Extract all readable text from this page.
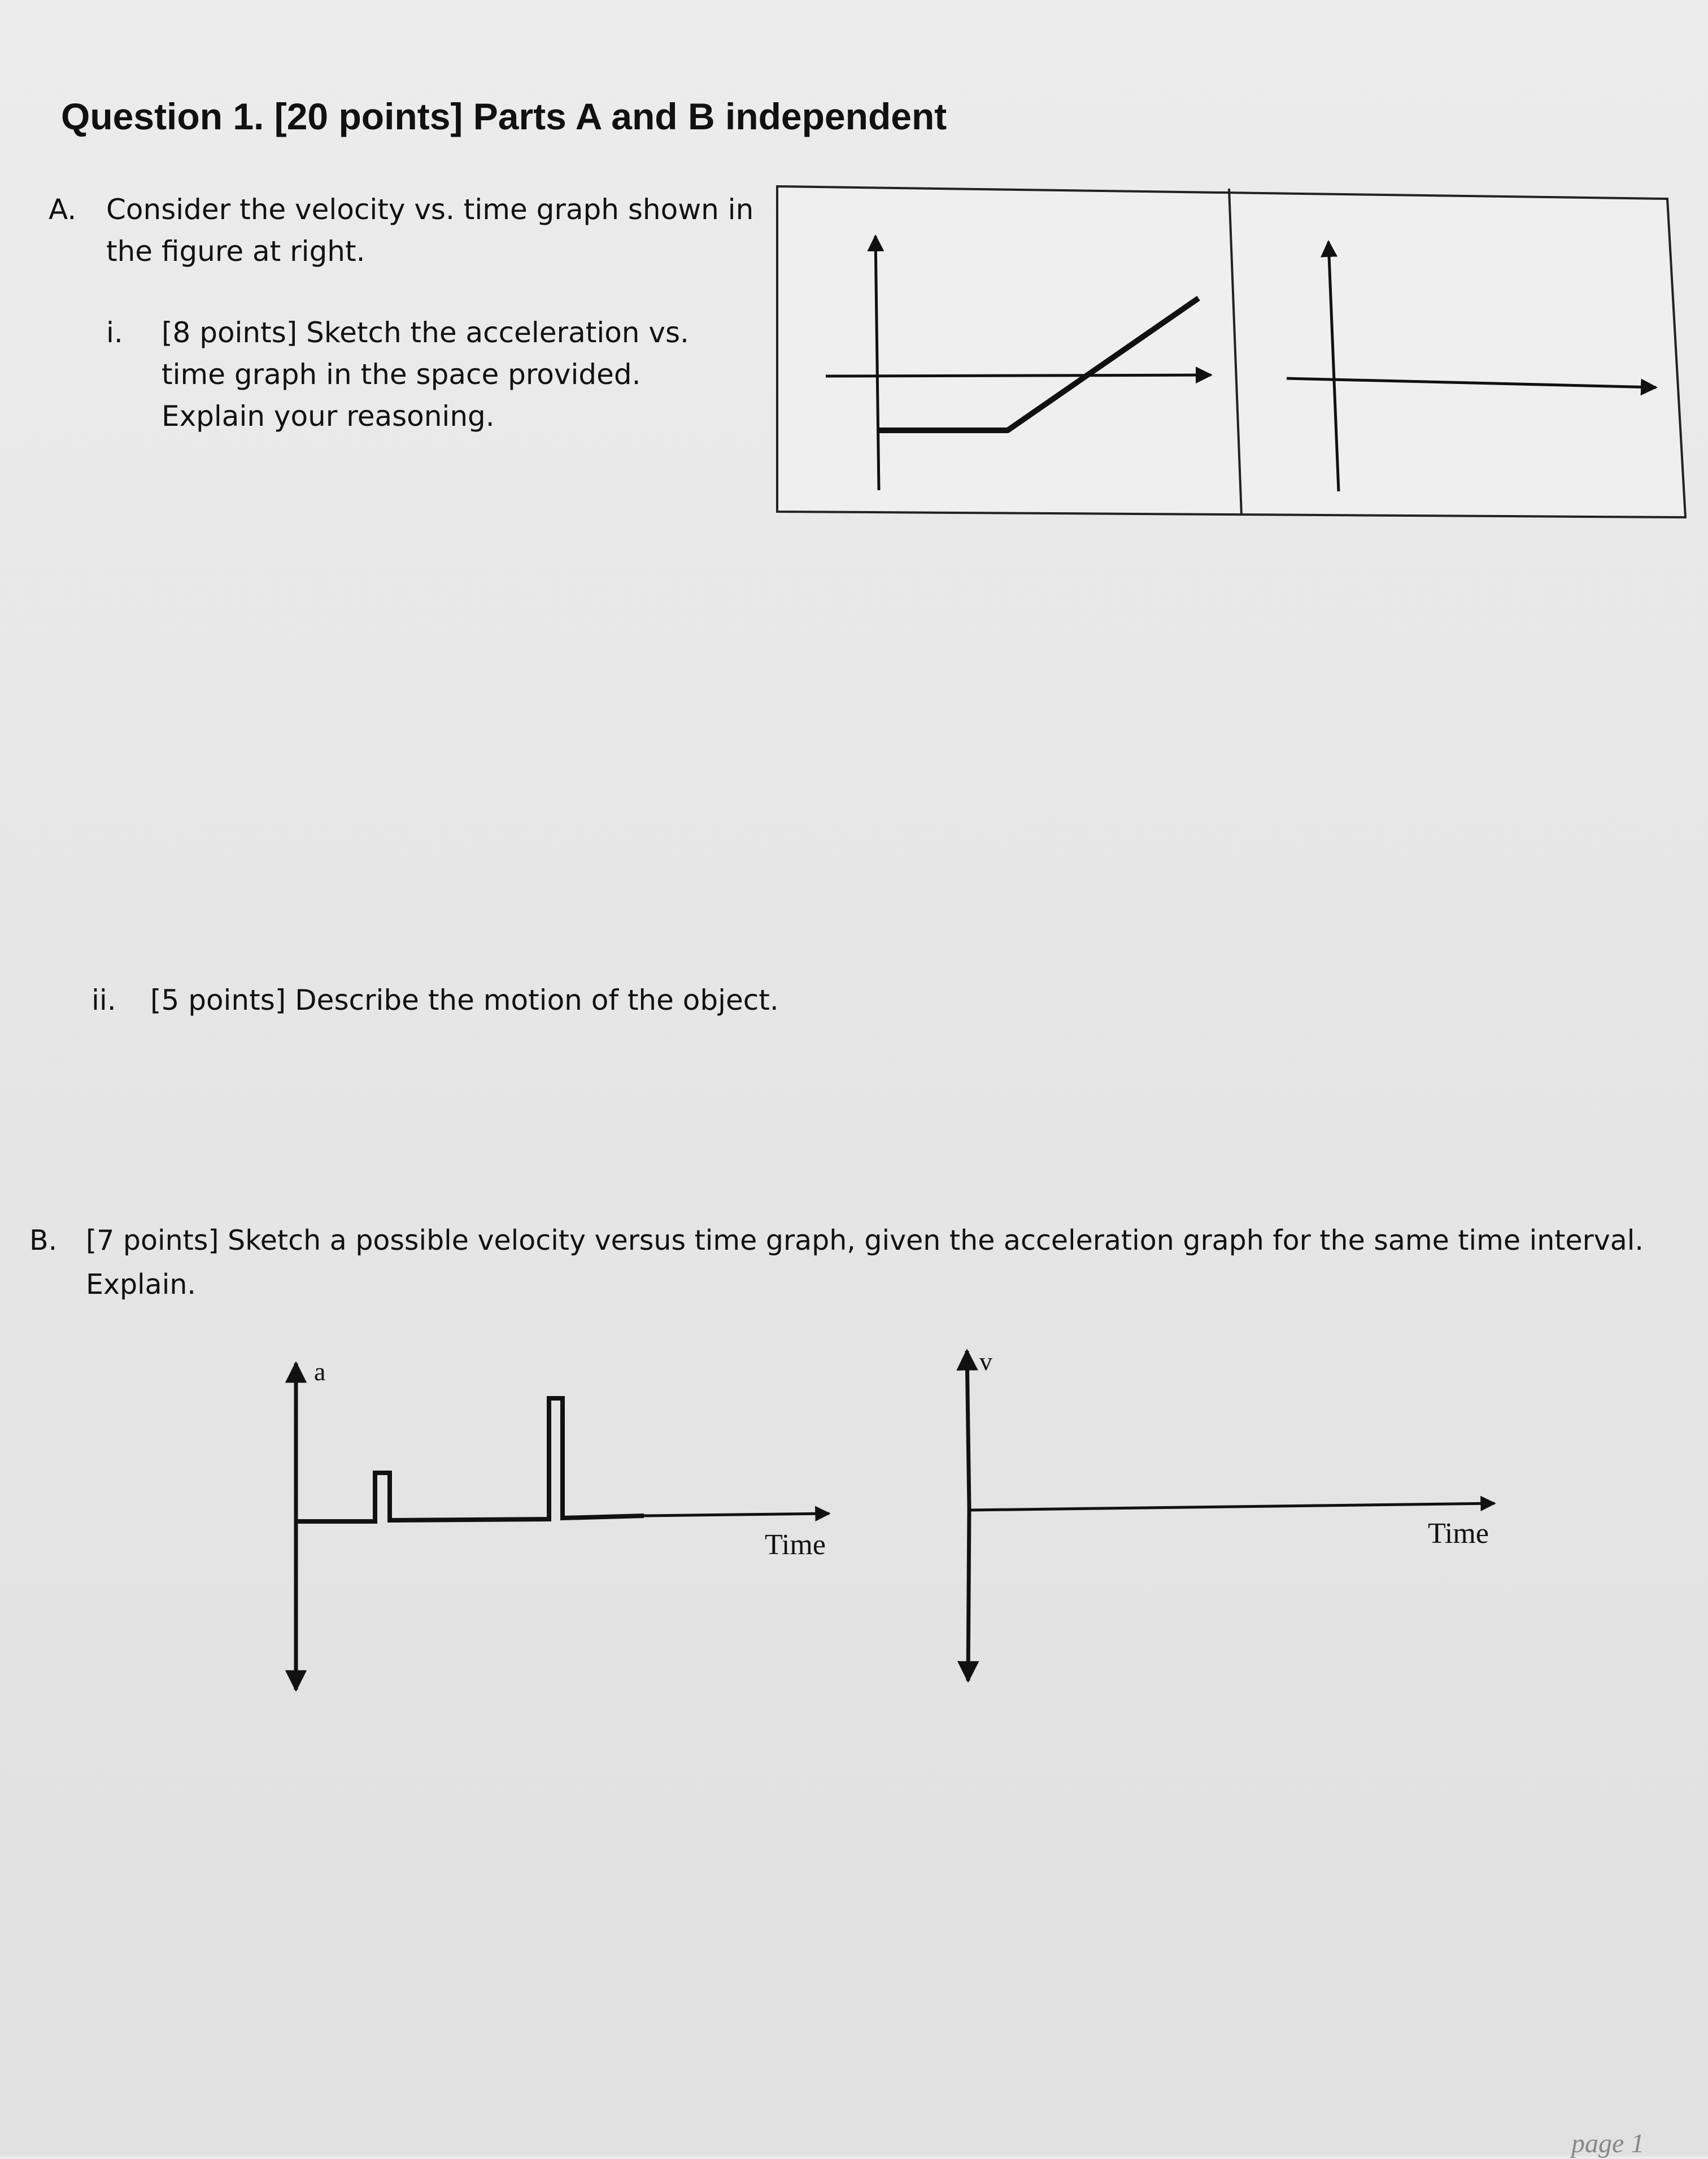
Question 1. [20 points] Parts A and B independent

A. Consider the velocity vs. time graph shown in

the figure at right.

i. [8 points] Sketch the acceleration vs.

time graph in the space provided.

Explain your reasoning.

ii. [5 points] Describe the motion of the object.

B. [7 points] Sketch a possible velocity versus time graph, given the acceleration graph for the same time interval.

Explain.

a

Time

v

Time

page 1
